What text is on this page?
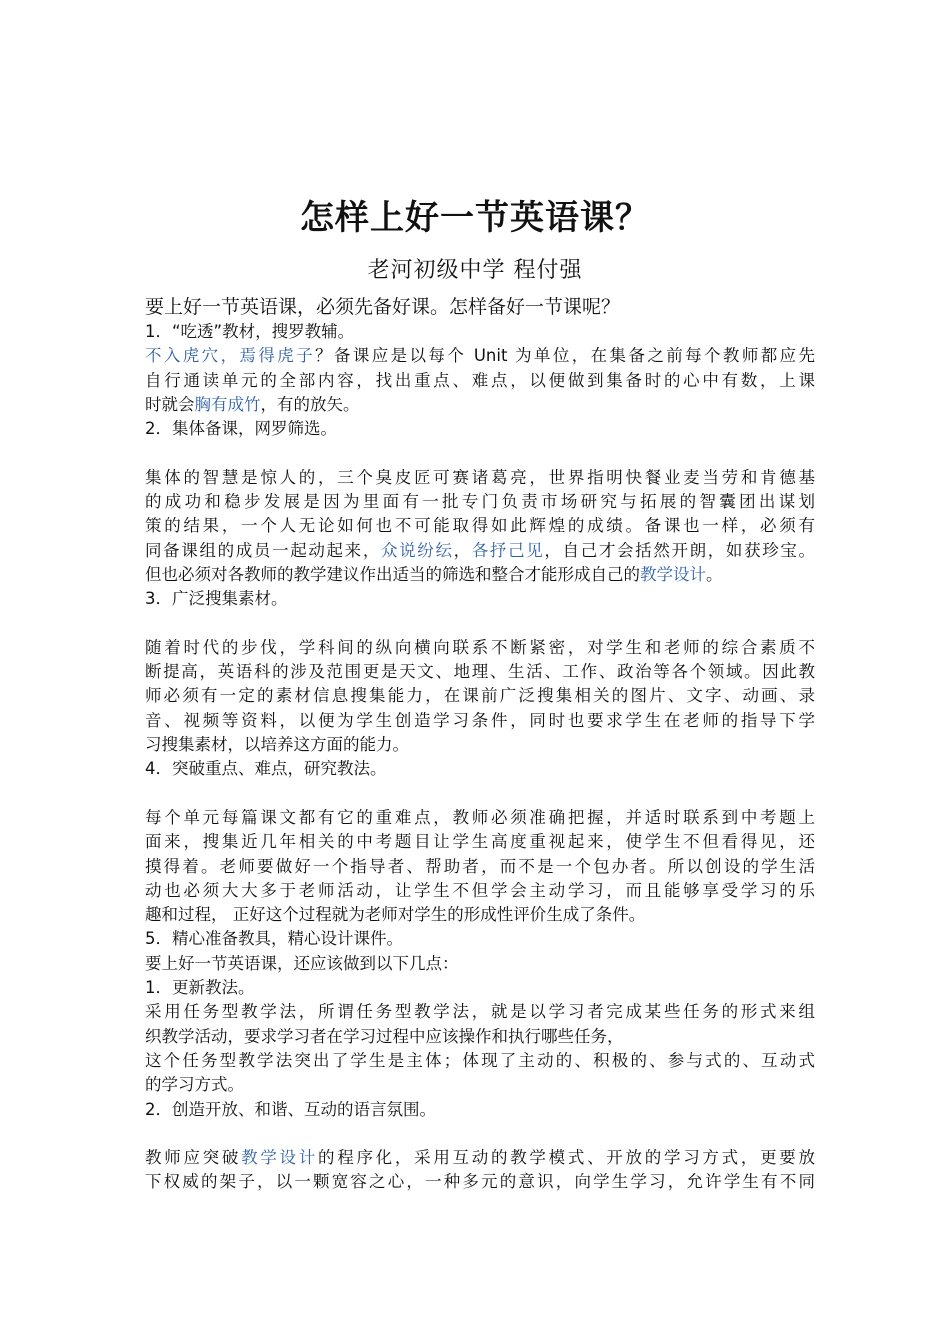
怎样上好一节英语课？
老河初级中学 程付强

要上好一节英语课，必须先备好课。怎样备好一节课呢？

1．“吃透”教材，搜罗教辅。
不入虎穴，焉得虎子？备课应是以每个 Unit 为单位，在集备之前每个教师都应先
自行通读单元的全部内容，找出重点、难点，以便做到集备时的心中有数，上课
时就会胸有成竹，有的放矢。
2．集体备课，网罗筛选。
集体的智慧是惊人的，三个臭皮匠可赛诸葛亮，世界指明快餐业麦当劳和肯德基
的成功和稳步发展是因为里面有一批专门负责市场研究与拓展的智囊团出谋划
策的结果，一个人无论如何也不可能取得如此辉煌的成绩。备课也一样，必须有
同备课组的成员一起动起来，众说纷纭，各抒己见，自己才会括然开朗，如获珍宝。
但也必须对各教师的教学建议作出适当的筛选和整合才能形成自己的教学设计。
3．广泛搜集素材。
随着时代的步伐，学科间的纵向横向联系不断紧密，对学生和老师的综合素质不
断提高，英语科的涉及范围更是天文、地理、生活、工作、政治等各个领域。因此教
师必须有一定的素材信息搜集能力，在课前广泛搜集相关的图片、文字、动画、录
音、视频等资料，以便为学生创造学习条件，同时也要求学生在老师的指导下学
习搜集素材，以培养这方面的能力。
4．突破重点、难点，研究教法。
每个单元每篇课文都有它的重难点，教师必须准确把握，并适时联系到中考题上
面来，搜集近几年相关的中考题目让学生高度重视起来，使学生不但看得见，还
摸得着。老师要做好一个指导者、帮助者，而不是一个包办者。所以创设的学生活
动也必须大大多于老师活动，让学生不但学会主动学习，而且能够享受学习的乐
趣和过程， 正好这个过程就为老师对学生的形成性评价生成了条件。
5．精心准备教具，精心设计课件。
要上好一节英语课，还应该做到以下几点：
1．更新教法。
采用任务型教学法，所谓任务型教学法，就是以学习者完成某些任务的形式来组
织教学活动，要求学习者在学习过程中应该操作和执行哪些任务，
这个任务型教学法突出了学生是主体；体现了主动的、积极的、参与式的、互动式
的学习方式。
2．创造开放、和谐、互动的语言氛围。
教师应突破教学设计的程序化，采用互动的教学模式、开放的学习方式，更要放
下权威的架子，以一颗宽容之心，一种多元的意识，向学生学习，允许学生有不同
